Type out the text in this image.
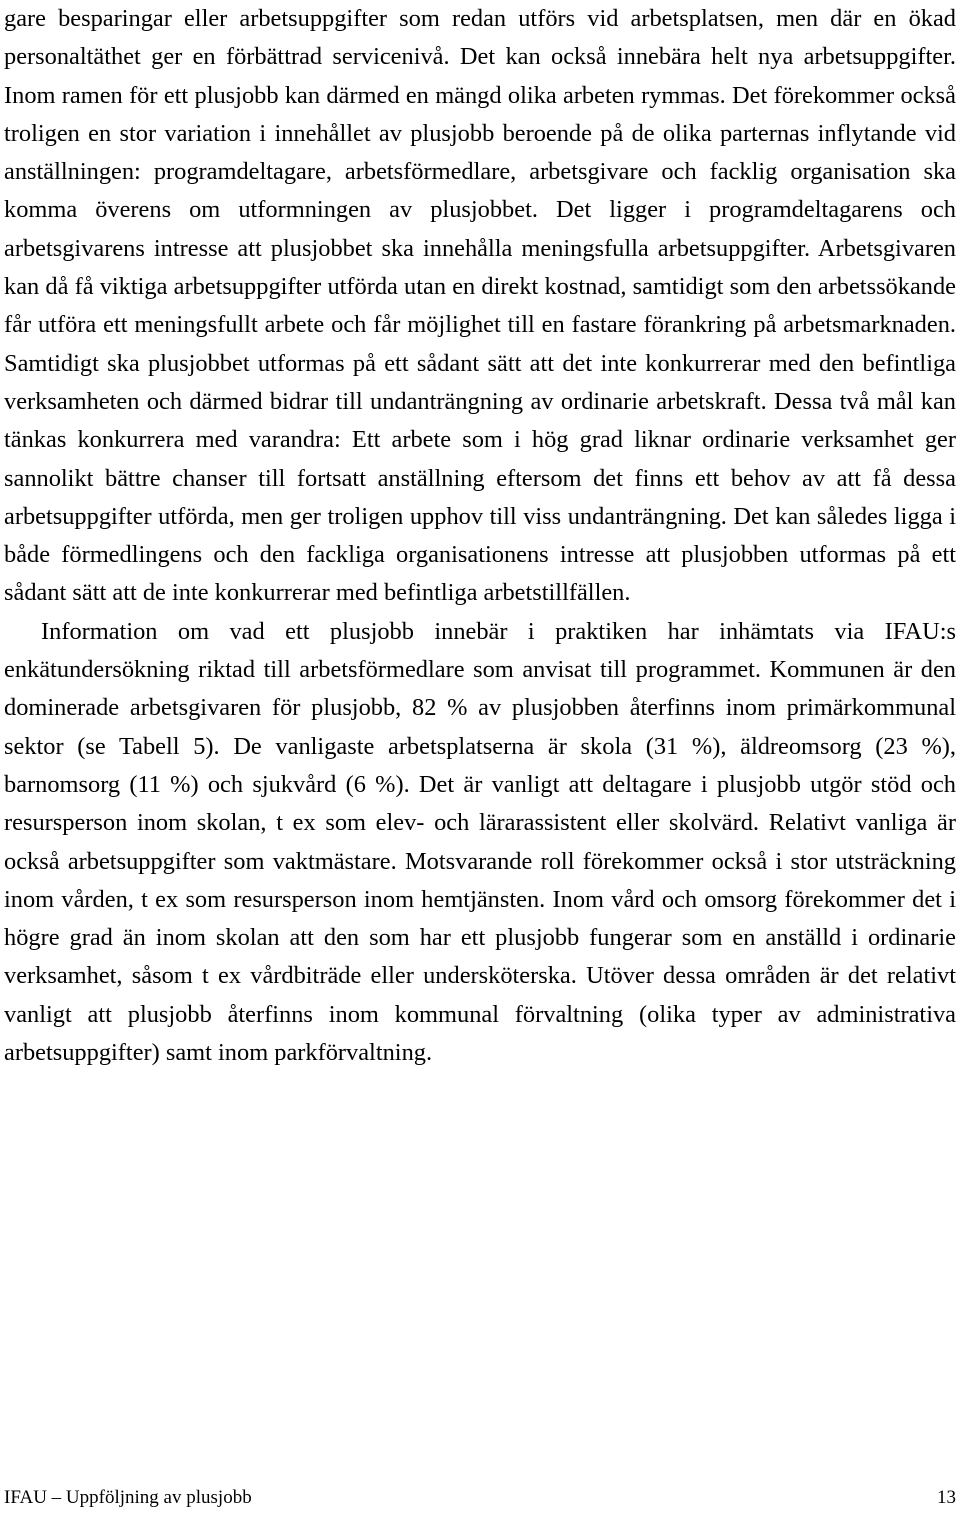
gare besparingar eller arbetsuppgifter som redan utförs vid arbetsplatsen, men där en ökad personaltäthet ger en förbättrad servicenivå. Det kan också innebära helt nya arbetsuppgifter. Inom ramen för ett plusjobb kan därmed en mängd olika arbeten rymmas. Det förekommer också troligen en stor variation i innehållet av plusjobb beroende på de olika parternas inflytande vid anställningen: programdeltagare, arbetsförmedlare, arbetsgivare och facklig organisation ska komma överens om utformningen av plusjobbet. Det ligger i programdeltagarens och arbetsgivarens intresse att plusjobbet ska innehålla meningsfulla arbetsuppgifter. Arbetsgivaren kan då få viktiga arbetsuppgifter utförda utan en direkt kostnad, samtidigt som den arbetssökande får utföra ett meningsfullt arbete och får möjlighet till en fastare förankring på arbetsmarknaden. Samtidigt ska plusjobbet utformas på ett sådant sätt att det inte konkurrerar med den befintliga verksamheten och därmed bidrar till undanträngning av ordinarie arbetskraft. Dessa två mål kan tänkas konkurrera med varandra: Ett arbete som i hög grad liknar ordinarie verksamhet ger sannolikt bättre chanser till fortsatt anställning eftersom det finns ett behov av att få dessa arbetsuppgifter utförda, men ger troligen upphov till viss undanträngning. Det kan således ligga i både förmedlingens och den fackliga organisationens intresse att plusjobben utformas på ett sådant sätt att de inte konkurrerar med befintliga arbetstillfällen.

Information om vad ett plusjobb innebär i praktiken har inhämtats via IFAU:s enkätundersökning riktad till arbetsförmedlare som anvisat till programmet. Kommunen är den dominerade arbetsgivaren för plusjobb, 82 % av plusjobben återfinns inom primärkommunal sektor (se Tabell 5). De vanligaste arbetsplatserna är skola (31 %), äldreomsorg (23 %), barnomsorg (11 %) och sjukvård (6 %). Det är vanligt att deltagare i plusjobb utgör stöd och resursperson inom skolan, t ex som elev- och lärarassistent eller skolvärd. Relativt vanliga är också arbetsuppgifter som vaktmästare. Motsvarande roll förekommer också i stor utsträckning inom vården, t ex som resursperson inom hemtjänsten. Inom vård och omsorg förekommer det i högre grad än inom skolan att den som har ett plusjobb fungerar som en anställd i ordinarie verksamhet, såsom t ex vårdbiträde eller undersköterska. Utöver dessa områden är det relativt vanligt att plusjobb återfinns inom kommunal förvaltning (olika typer av administrativa arbetsuppgifter) samt inom parkförvaltning.

IFAU – Uppföljning av plusjobb	13
